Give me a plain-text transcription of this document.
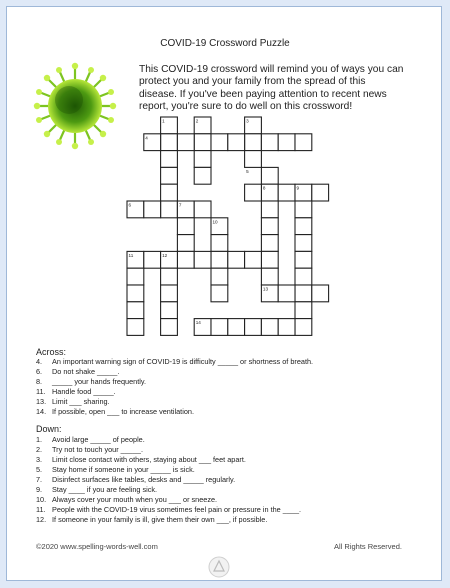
COVID-19 Crossword Puzzle
This COVID-19 crossword will remind you of ways you can protect you and your family from the spread of this disease. If you've been paying attention to recent news report, you're sure to do well on this crossword!
1	2	3
4
5
6	7
8	9
10
11	12
13
14
Across:
4. An important warning sign of COVID-19 is difficulty _____ or shortness of breath.
6. Do not shake _____.
8. _____ your hands frequently.
11. Handle food _____.
13. Limit ___ sharing.
14. If possible, open ___ to increase ventilation.
Down:
1. Avoid large _____ of people.
2. Try not to touch your _____.
3. Limit close contact with others, staying about ___ feet apart.
5. Stay home if someone in your _____ is sick.
7. Disinfect surfaces like tables, desks and _____ regularly.
9. Stay ____ if you are feeling sick.
10. Always cover your mouth when you ___ or sneeze.
11. People with the COVID-19 virus sometimes feel pain or pressure in the ____.
12. If someone in your family is ill, give them their own ___, if possible.
©2020 www.spelling-words-well.com	All Rights Reserved.
